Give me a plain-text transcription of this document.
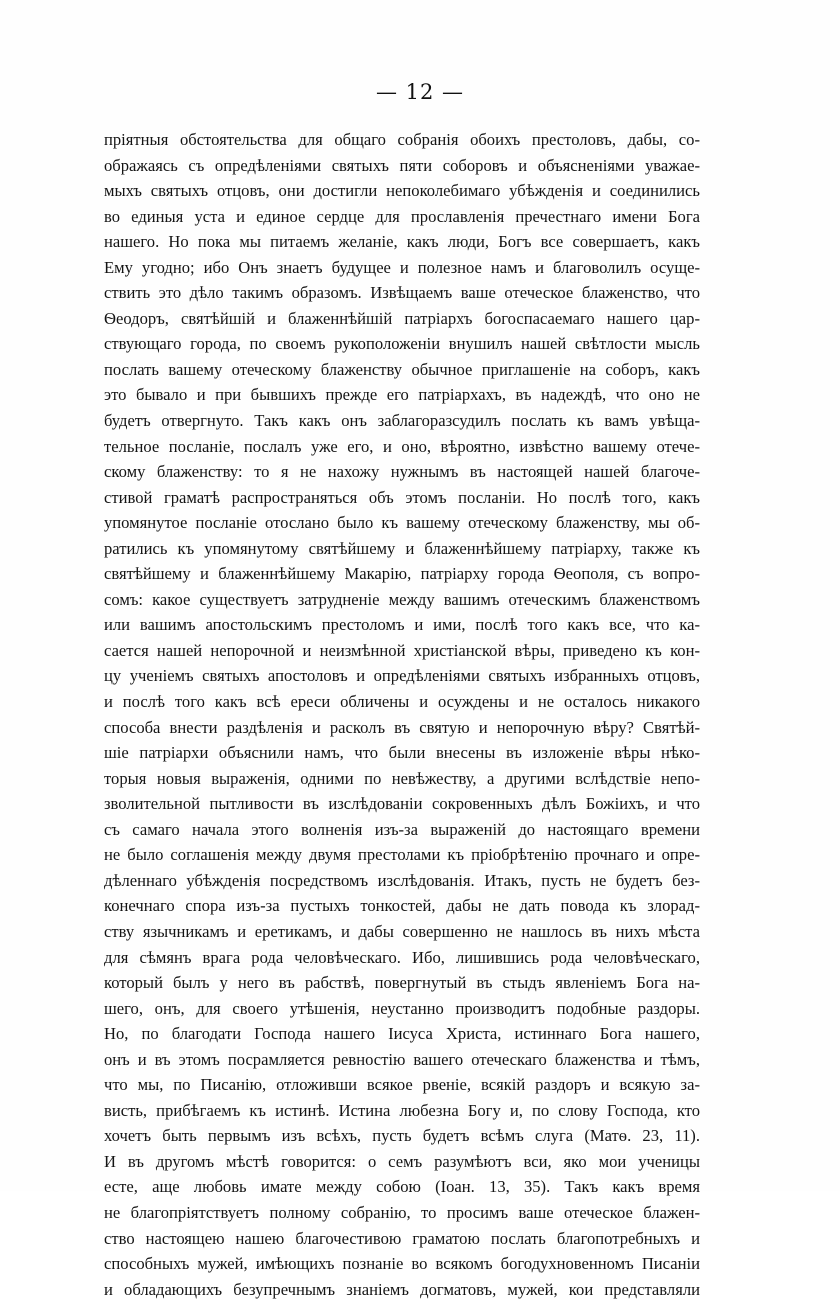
— 12 —
пріятныя обстоятельства для общаго собранія обоихъ престоловъ, дабы, со-
ображаясь съ опредѣленіями святыхъ пяти соборовъ и объясненіями уважае-
мыхъ святыхъ отцовъ, они достигли непоколебимаго убѣжденія и соединились
во единыя уста и единое сердце для прославленія пречестнаго имени Бога
нашего. Но пока мы питаемъ желаніе, какъ люди, Богъ все совершаетъ, какъ
Ему угодно; ибо Онъ знаетъ будущее и полезное намъ и благоволилъ осуще-
ствить это дѣло такимъ образомъ. Извѣщаемъ ваше отеческое блаженство, что
Ѳеодоръ, святѣйшій и блаженнѣйшій патріархъ богоспасаемаго нашего цар-
ствующаго города, по своемъ рукоположеніи внушилъ нашей свѣтлости мысль
послать вашему отеческому блаженству обычное приглашеніе на соборъ, какъ
это бывало и при бывшихъ прежде его патріархахъ, въ надеждѣ, что оно не
будетъ отвергнуто. Такъ какъ онъ заблагоразсудилъ послать къ вамъ увѣща-
тельное посланіе, послалъ уже его, и оно, вѣроятно, извѣстно вашему отече-
скому блаженству: то я не нахожу нужнымъ въ настоящей нашей благоче-
стивой граматѣ распространяться объ этомъ посланіи. Но послѣ того, какъ
упомянутое посланіе отослано было къ вашему отеческому блаженству, мы об-
ратились къ упомянутому святѣйшему и блаженнѣйшему патріарху, также къ
святѣйшему и блаженнѣйшему Макарію, патріарху города Ѳеополя, съ вопро-
сомъ: какое существуетъ затрудненіе между вашимъ отеческимъ блаженствомъ
или вашимъ апостольскимъ престоломъ и ими, послѣ того какъ все, что ка-
сается нашей непорочной и неизмѣнной христіанской вѣры, приведено къ кон-
цу ученіемъ святыхъ апостоловъ и опредѣленіями святыхъ избранныхъ отцовъ,
и послѣ того какъ всѣ ереси обличены и осуждены и не осталось никакого
способа внести раздѣленія и расколъ въ святую и непорочную вѣру? Святѣй-
шіе патріархи объяснили намъ, что были внесены въ изложеніе вѣры нѣко-
торыя новыя выраженія, одними по невѣжеству, а другими вслѣдствіе непо-
зволительной пытливости въ изслѣдованіи сокровенныхъ дѣлъ Божіихъ, и что
съ самаго начала этого волненія изъ-за выраженій до настоящаго времени
не было соглашенія между двумя престолами къ пріобрѣтенію прочнаго и опре-
дѣленнаго убѣжденія посредствомъ изслѣдованія. Итакъ, пусть не будетъ без-
конечнаго спора изъ-за пустыхъ тонкостей, дабы не дать повода къ злорад-
ству язычникамъ и еретикамъ, и дабы совершенно не нашлось въ нихъ мѣста
для сѣмянъ врага рода человѣческаго. Ибо, лишившись рода человѣческаго,
который былъ у него въ рабствѣ, повергнутый въ стыдъ явленіемъ Бога на-
шего, онъ, для своего утѣшенія, неустанно производитъ подобные раздоры.
Но, по благодати Господа нашего Іисуса Христа, истиннаго Бога нашего,
онъ и въ этомъ посрамляется ревностію вашего отеческаго блаженства и тѣмъ,
что мы, по Писанію, отложивши всякое рвеніе, всякій раздоръ и всякую за-
висть, прибѣгаемъ къ истинѣ. Истина любезна Богу и, по слову Господа, кто
хочетъ быть первымъ изъ всѣхъ, пусть будетъ всѣмъ слуга (Матѳ. 23, 11).
И въ другомъ мѣстѣ говорится: о семъ разумѣютъ вси, яко мои ученицы
есте, аще любовь имате между собою (Іоан. 13, 35). Такъ какъ время
не благопріятствуетъ полному собранію, то просимъ ваше отеческое блажен-
ство настоящею нашею благочестивою граматою послать благопотребныхъ и
способныхъ мужей, имѣющихъ познаніе во всякомъ богодухновенномъ Писаніи
и обладающихъ безупречнымъ знаніемъ догматовъ, мужей, кои представляли
